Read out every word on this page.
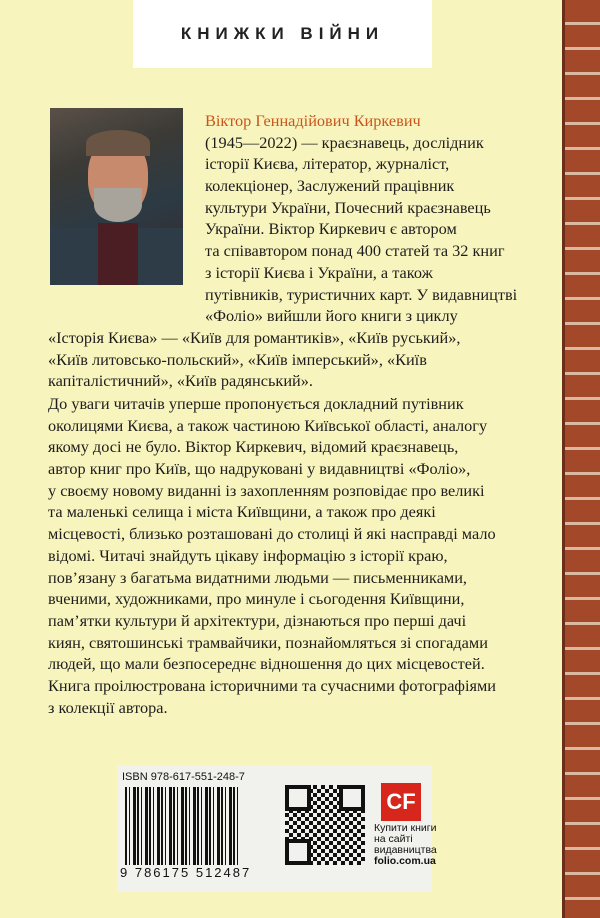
КНИЖКИ ВІЙНИ
Віктор Геннадійович Киркевич
(1945—2022) — краєзнавець, дослідник
історії Києва, літератор, журналіст,
колекціонер, Заслужений працівник
культури України, Почесний краєзнавець
України. Віктор Киркевич є автором
та співавтором понад 400 статей та 32 книг
з історії Києва і України, а також
путівників, туристичних карт. У видавництві
«Фоліо» вийшли його книги з циклу
«Історія Києва» — «Київ для романтиків», «Київ руський»,
«Київ литовсько-польский», «Київ імперський», «Київ
капіталістичний», «Київ радянський».
До уваги читачів уперше пропонується докладний путівник
околицями Києва, а також частиною Київської області, аналогу
якому досі не було. Віктор Киркевич, відомий краєзнавець,
автор книг про Київ, що надруковані у видавництві «Фоліо»,
у своєму новому виданні із захопленням розповідає про великі
та маленькі селища і міста Київщини, а також про деякі
місцевості, близько розташовані до столиці й які насправді мало
відомі. Читачі знайдуть цікаву інформацію з історії краю,
пов’язану з багатьма видатними людьми — письменниками,
вченими, художниками, про минуле і сьогодення Київщини,
пам’ятки культури й архітектури, дізнаються про перші дачі
киян, святошинські трамвайчики, познайомляться зі спогадами
людей, що мали безпосереднє відношення до цих місцевостей.
Книга проілюстрована історичними та сучасними фотографіями
з колекції автора.
ISBN 978-617-551-248-7
9 786175 512487
CF
Купити книги
на сайті
видавництва
folio.com.ua
